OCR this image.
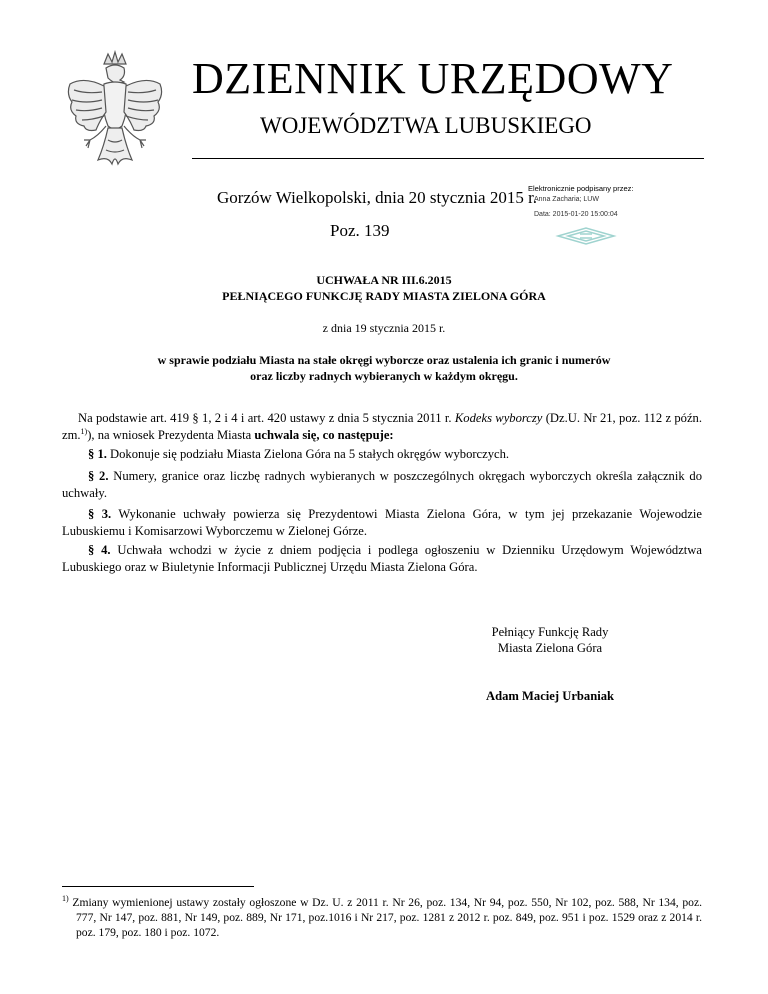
DZIENNIK URZĘDOWY
WOJEWÓDZTWA LUBUSKIEGO
Gorzów Wielkopolski, dnia 20 stycznia 2015 r.
Poz. 139
Elektronicznie podpisany przez:
Anna Zacharia; LUW
Data: 2015-01-20 15:00:04
UCHWAŁA NR III.6.2015
PEŁNIĄCEGO FUNKCJĘ RADY MIASTA ZIELONA GÓRA
z dnia 19 stycznia 2015 r.
w sprawie podziału Miasta na stałe okręgi wyborcze oraz ustalenia ich granic i numerów
oraz liczby radnych wybieranych w każdym okręgu.
Na podstawie art. 419 § 1, 2 i 4 i art. 420 ustawy z dnia 5 stycznia 2011 r. Kodeks wyborczy (Dz.U. Nr 21, poz. 112 z późn. zm.$^{1)}$), na wniosek Prezydenta Miasta uchwala się, co następuje:
§ 1. Dokonuje się podziału Miasta Zielona Góra na 5 stałych okręgów wyborczych.
§ 2. Numery, granice oraz liczbę radnych wybieranych w poszczególnych okręgach wyborczych określa załącznik do uchwały.
§ 3. Wykonanie uchwały powierza się Prezydentowi Miasta Zielona Góra, w tym jej przekazanie Wojewodzie Lubuskiemu i Komisarzowi Wyborczemu w Zielonej Górze.
§ 4. Uchwała wchodzi w życie z dniem podjęcia i podlega ogłoszeniu w Dzienniku Urzędowym Województwa Lubuskiego oraz w Biuletynie Informacji Publicznej Urzędu Miasta Zielona Góra.
Pełniący Funkcję Rady
Miasta Zielona Góra
Adam Maciej Urbaniak
$^{1)}$ Zmiany wymienionej ustawy zostały ogłoszone w Dz. U. z 2011 r. Nr 26, poz. 134, Nr 94, poz. 550, Nr 102, poz. 588, Nr 134, poz. 777, Nr 147, poz. 881, Nr 149, poz. 889, Nr 171, poz.1016 i Nr 217, poz. 1281 z 2012 r. poz. 849, poz. 951 i poz. 1529 oraz z 2014 r. poz. 179, poz. 180 i poz. 1072.
